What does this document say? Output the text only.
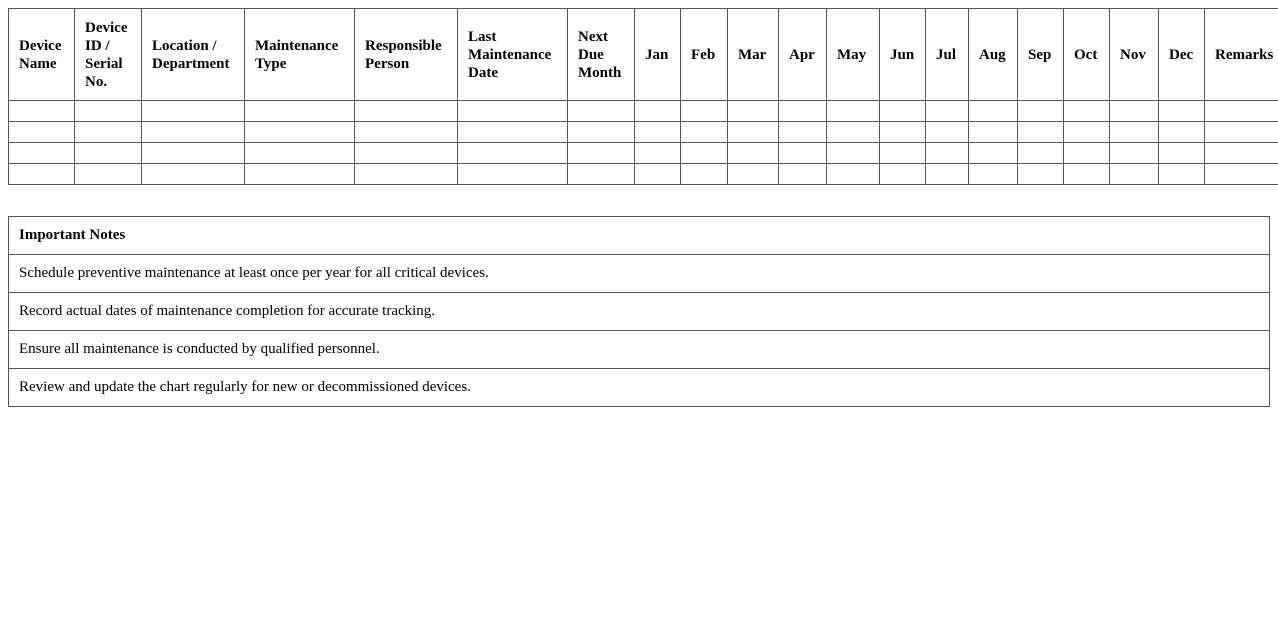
Device Name	Device ID / Serial No.	Location / Department	Maintenance Type	Responsible Person	Last Maintenance Date	Next Due Month	Jan	Feb	Mar	Apr	May	Jun	Jul	Aug	Sep	Oct	Nov	Dec	Remarks

Important Notes
Schedule preventive maintenance at least once per year for all critical devices.
Record actual dates of maintenance completion for accurate tracking.
Ensure all maintenance is conducted by qualified personnel.
Review and update the chart regularly for new or decommissioned devices.
